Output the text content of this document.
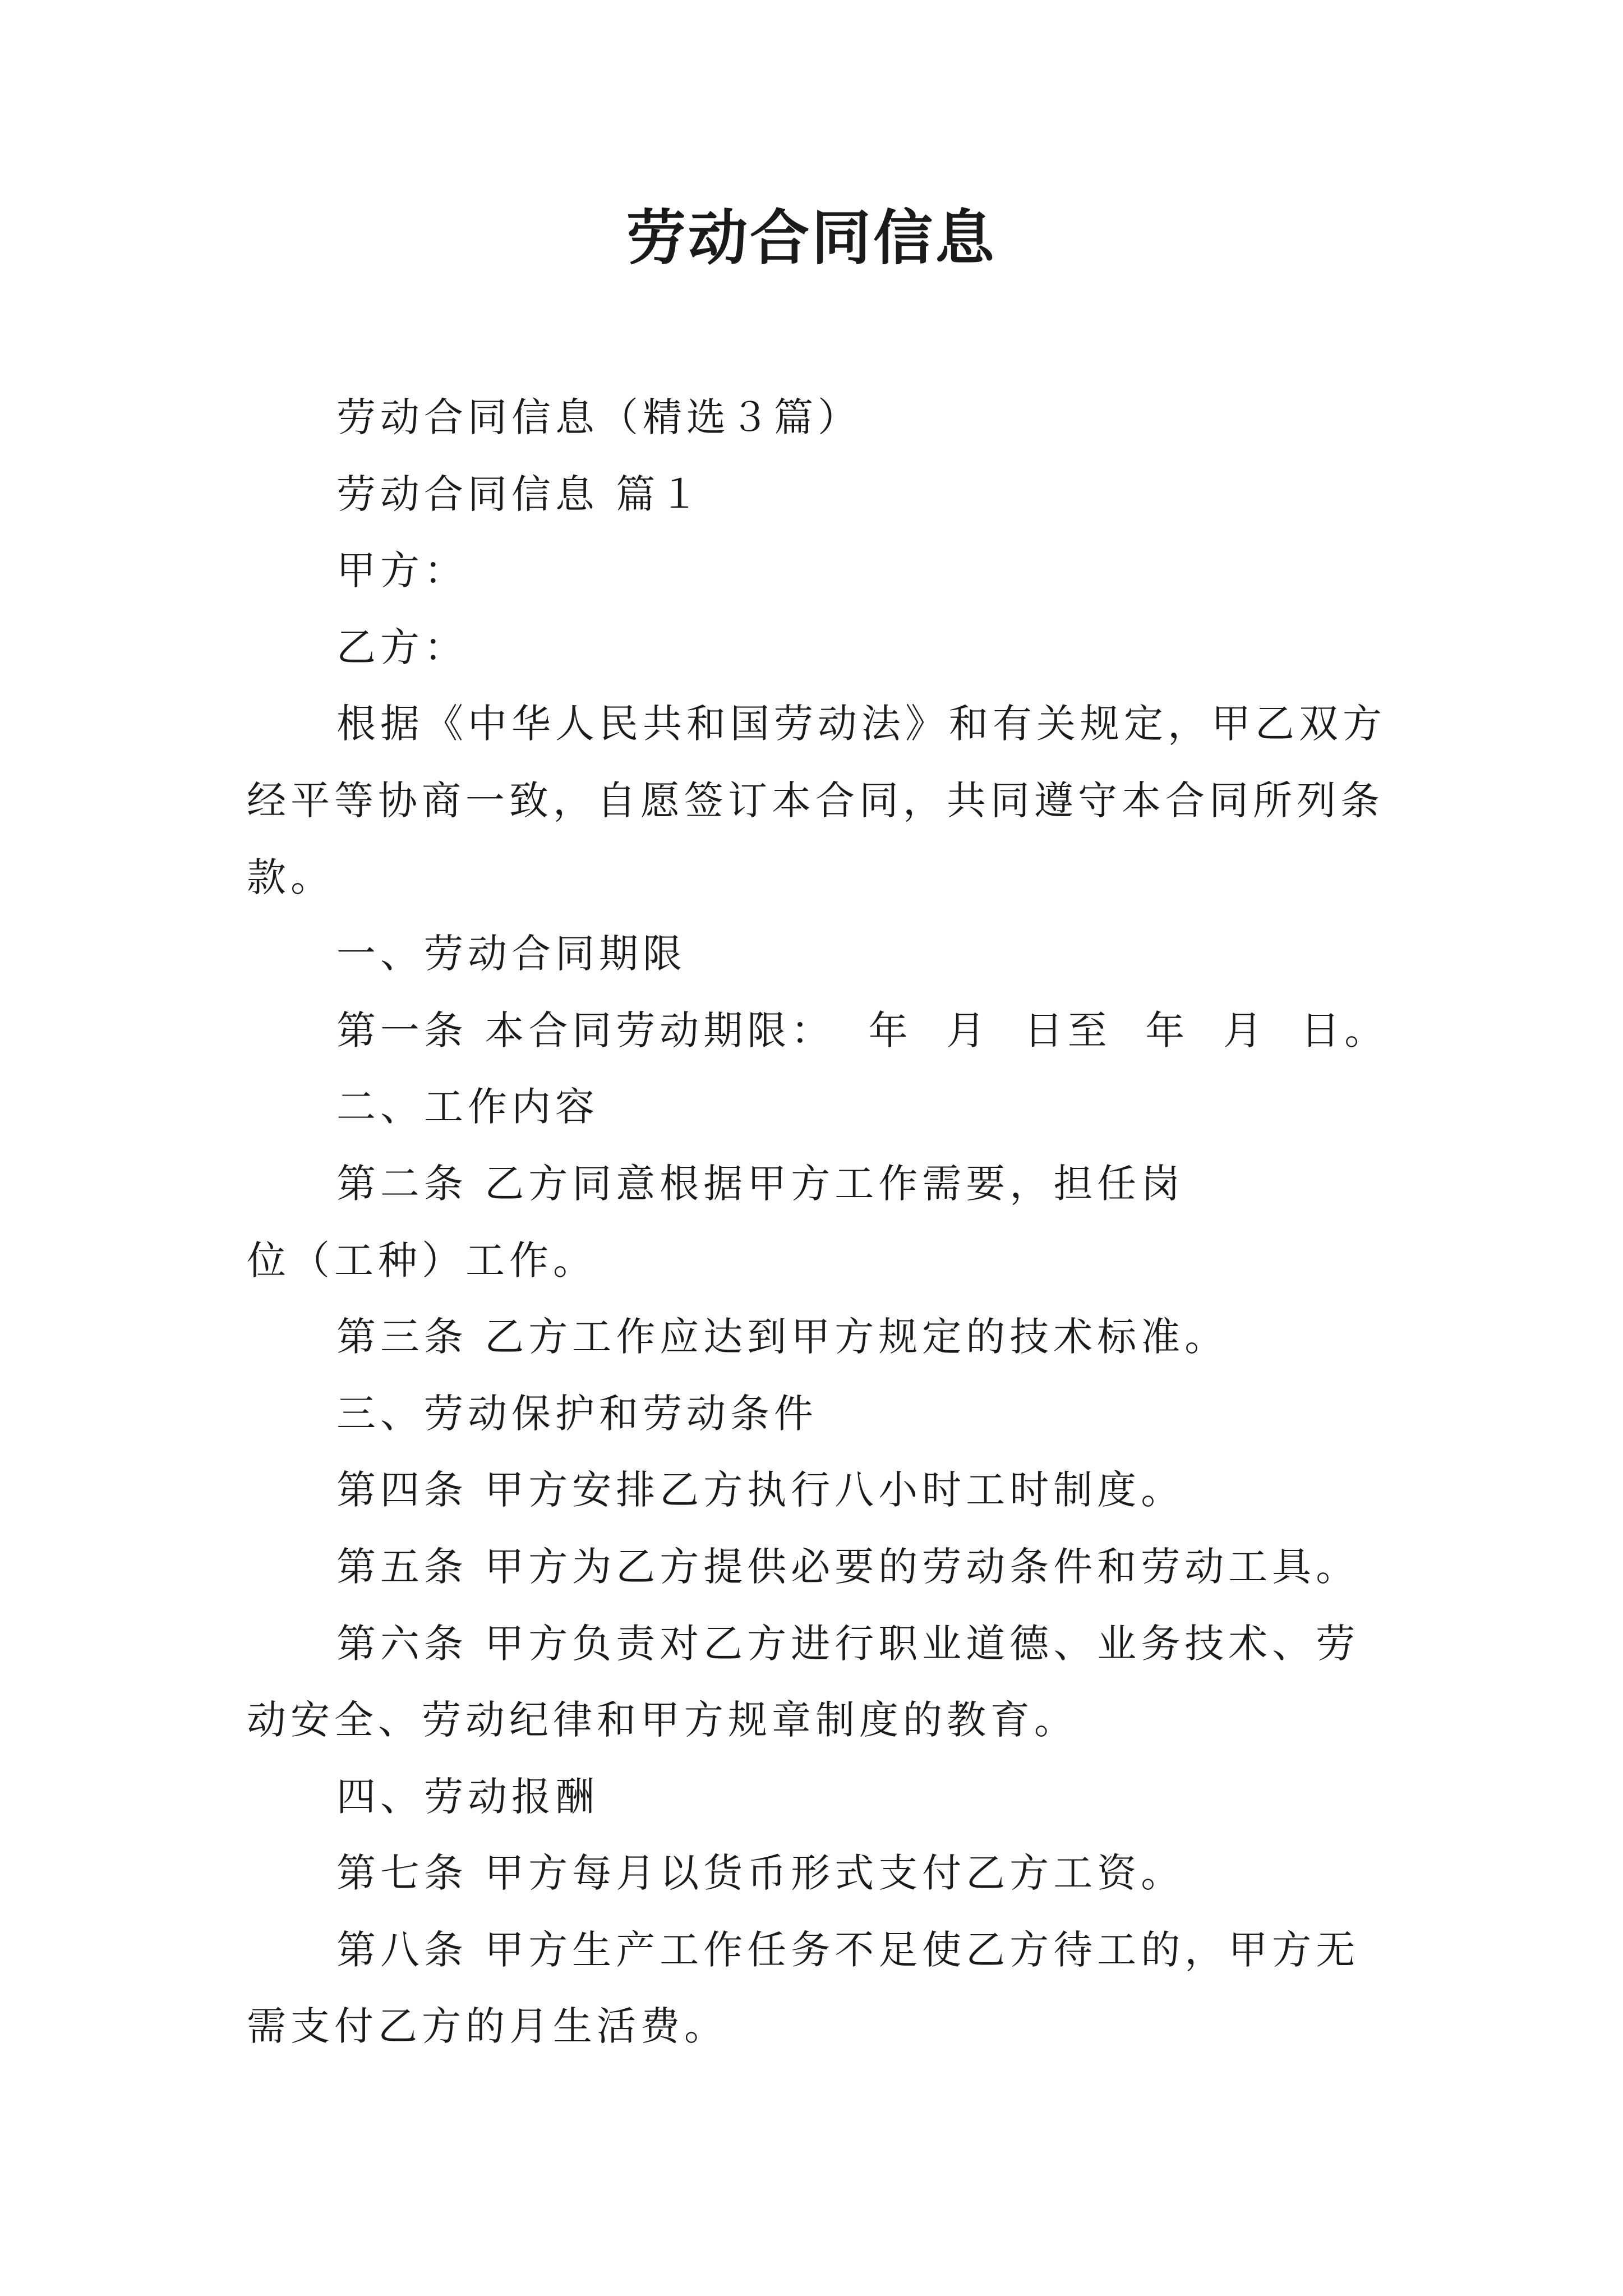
劳动合同信息

劳动合同信息（精选３篇）

劳动合同信息 篇１

甲方：

乙方：

根据《中华人民共和国劳动法》和有关规定，甲乙双方经平等协商一致，自愿签订本合同，共同遵守本合同所列条款。

一、劳动合同期限

第一条 本合同劳动期限：  年  月  日至  年  月  日。

二、工作内容

第二条 乙方同意根据甲方工作需要，担任岗位（工种）工作。

第三条 乙方工作应达到甲方规定的技术标准。

三、劳动保护和劳动条件

第四条 甲方安排乙方执行八小时工时制度。

第五条 甲方为乙方提供必要的劳动条件和劳动工具。

第六条 甲方负责对乙方进行职业道德、业务技术、劳动安全、劳动纪律和甲方规章制度的教育。

四、劳动报酬

第七条 甲方每月以货币形式支付乙方工资。

第八条 甲方生产工作任务不足使乙方待工的，甲方无需支付乙方的月生活费。
